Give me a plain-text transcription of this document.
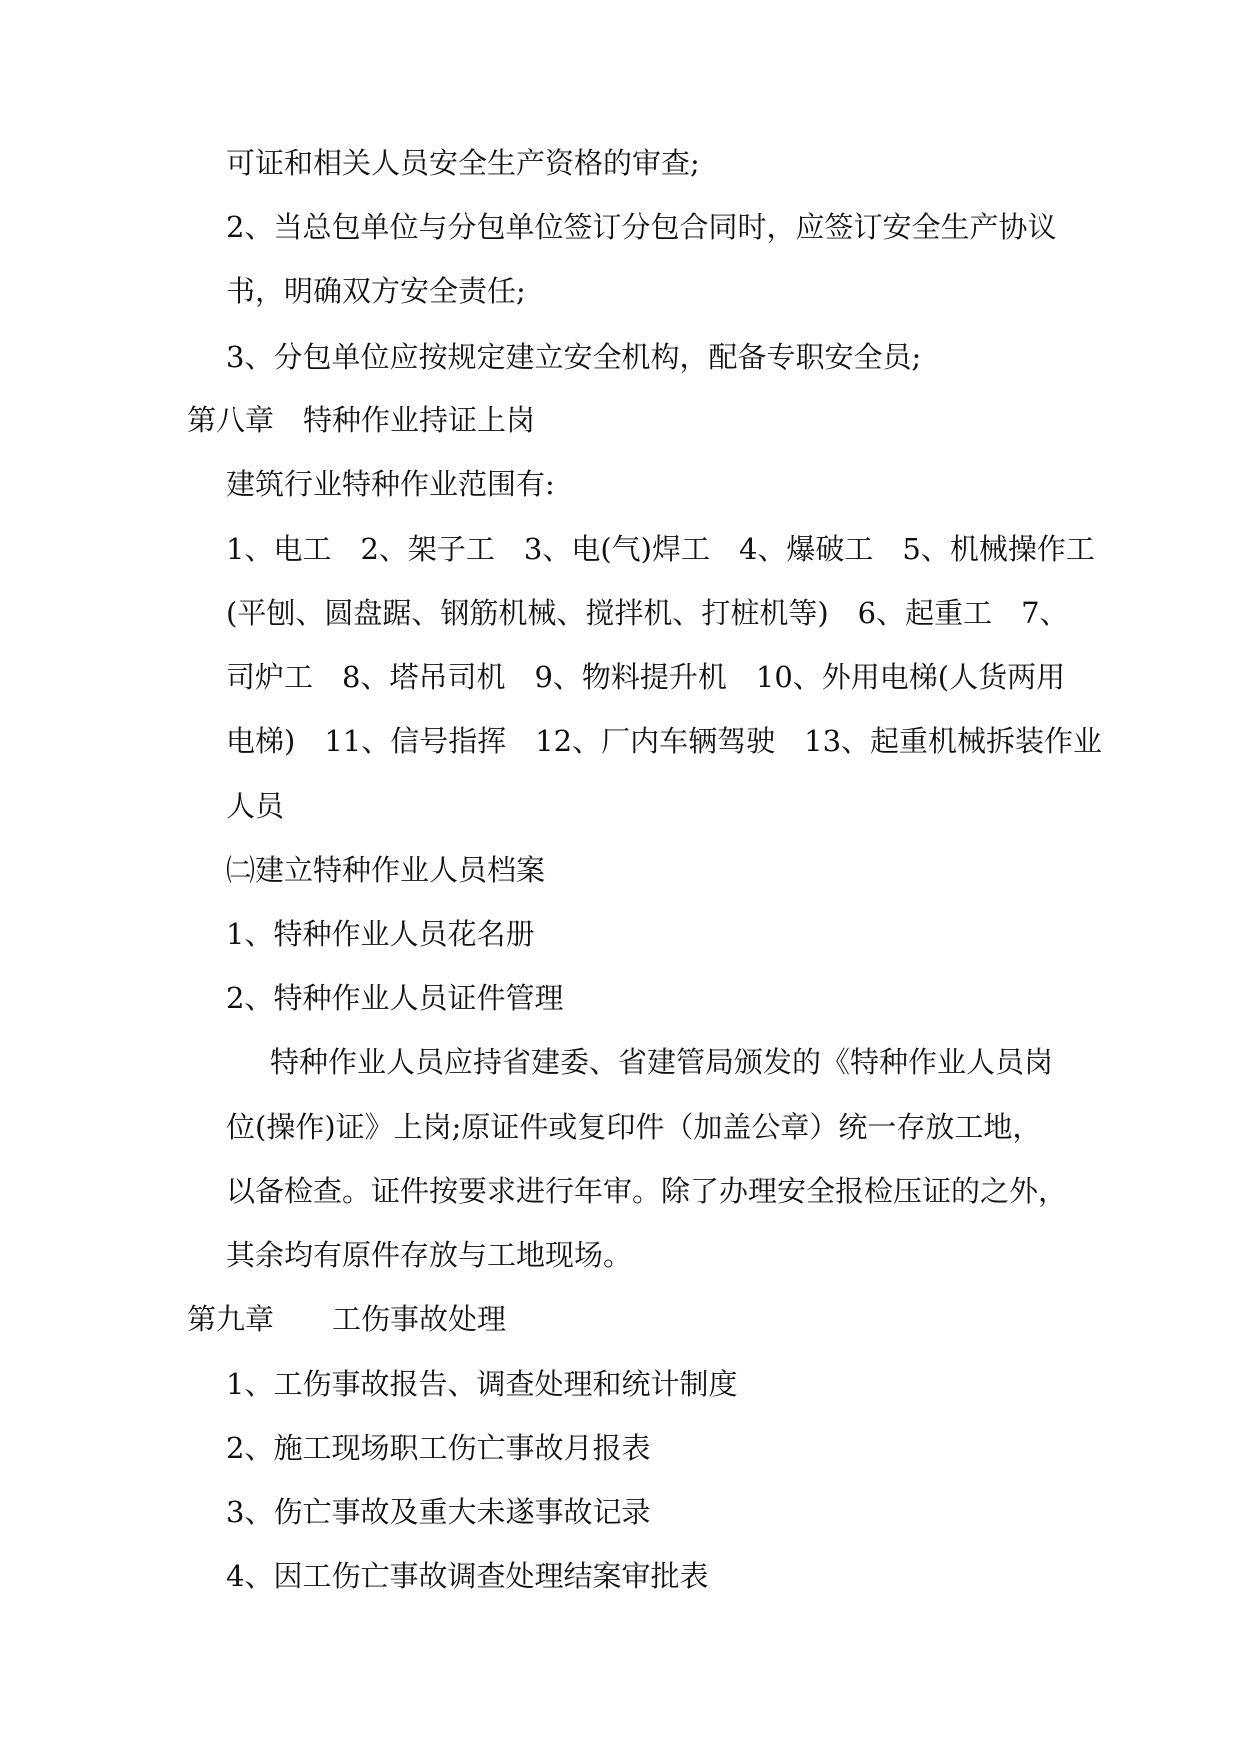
可证和相关人员安全生产资格的审查;
2、当总包单位与分包单位签订分包合同时，应签订安全生产协议
书，明确双方安全责任;
3、分包单位应按规定建立安全机构，配备专职安全员;
第八章　特种作业持证上岗
建筑行业特种作业范围有:
1、电工　2、架子工　3、电(气)焊工　4、爆破工　5、机械操作工
(平刨、圆盘踞、钢筋机械、搅拌机、打桩机等)　6、起重工　7、
司炉工　8、塔吊司机　9、物料提升机　10、外用电梯(人货两用
电梯)　11、信号指挥　12、厂内车辆驾驶　13、起重机械拆装作业
人员
㈡建立特种作业人员档案
1、特种作业人员花名册
2、特种作业人员证件管理
特种作业人员应持省建委、省建管局颁发的《特种作业人员岗
位(操作)证》上岗;原证件或复印件（加盖公章）统一存放工地，
以备检查。证件按要求进行年审。除了办理安全报检压证的之外，
其余均有原件存放与工地现场。
第九章　　工伤事故处理
1、工伤事故报告、调查处理和统计制度
2、施工现场职工伤亡事故月报表
3、伤亡事故及重大未遂事故记录
4、因工伤亡事故调查处理结案审批表
